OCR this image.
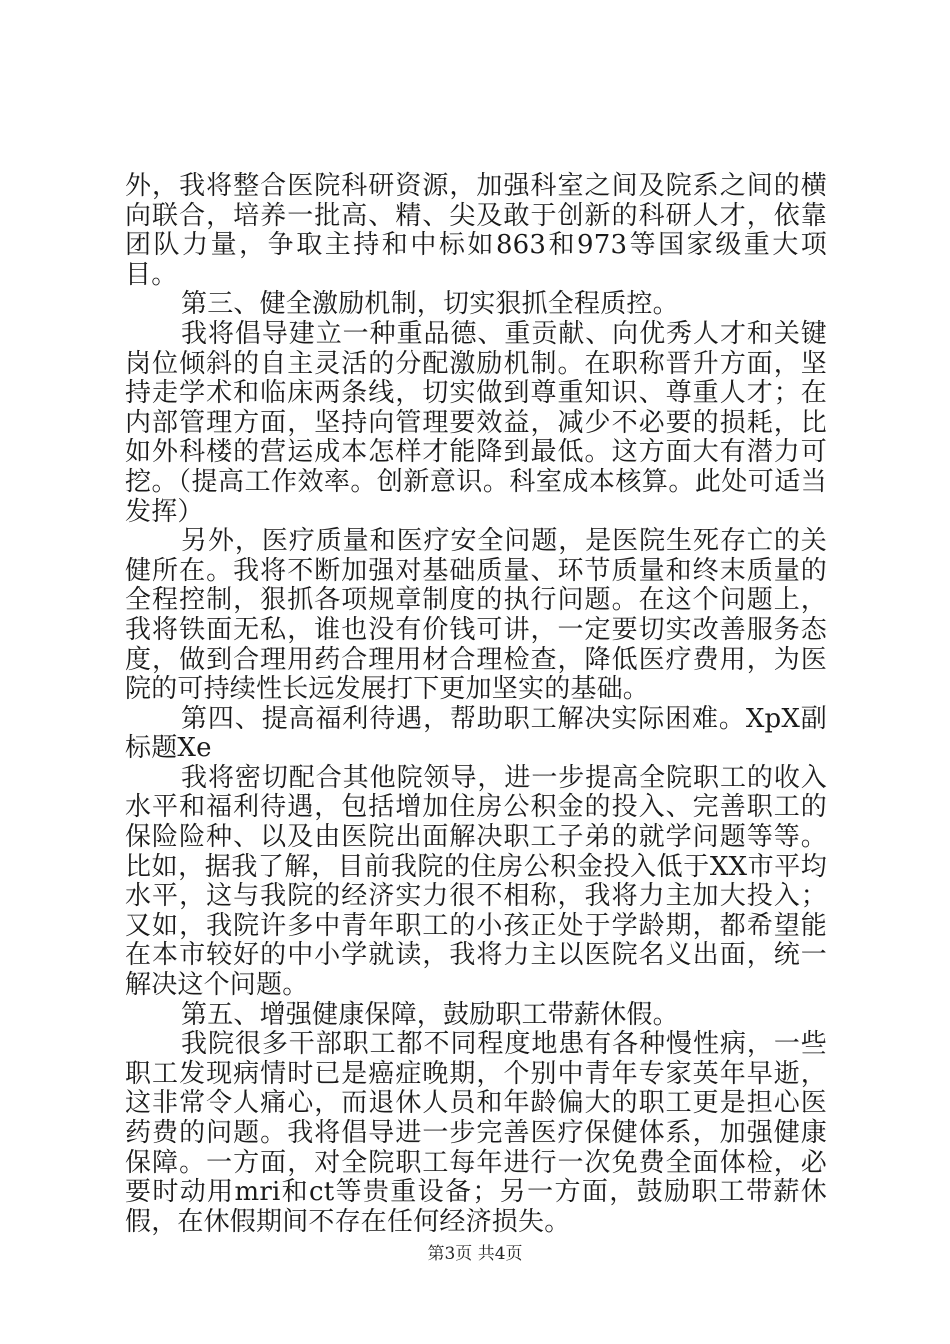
外，我将整合医院科研资源，加强科室之间及院系之间的横向联合，培养一批高、精、尖及敢于创新的科研人才，依靠团队力量，争取主持和中标如863和973等国家级重大项目。

第三、健全激励机制，切实狠抓全程质控。

我将倡导建立一种重品德、重贡献、向优秀人才和关键岗位倾斜的自主灵活的分配激励机制。在职称晋升方面，坚持走学术和临床两条线，切实做到尊重知识、尊重人才；在内部管理方面，坚持向管理要效益，减少不必要的损耗，比如外科楼的营运成本怎样才能降到最低。这方面大有潜力可挖。（提高工作效率。创新意识。科室成本核算。此处可适当发挥）

另外，医疗质量和医疗安全问题，是医院生死存亡的关健所在。我将不断加强对基础质量、环节质量和终末质量的全程控制，狠抓各项规章制度的执行问题。在这个问题上，我将铁面无私，谁也没有价钱可讲，一定要切实改善服务态度，做到合理用药合理用材合理检查，降低医疗费用，为医院的可持续性长远发展打下更加坚实的基础。

第四、提高福利待遇，帮助职工解决实际困难。XpX副标题Xe

我将密切配合其他院领导，进一步提高全院职工的收入水平和福利待遇，包括增加住房公积金的投入、完善职工的保险险种、以及由医院出面解决职工子弟的就学问题等等。比如，据我了解，目前我院的住房公积金投入低于XX市平均水平，这与我院的经济实力很不相称，我将力主加大投入；又如，我院许多中青年职工的小孩正处于学龄期，都希望能在本市较好的中小学就读，我将力主以医院名义出面，统一解决这个问题。

第五、增强健康保障，鼓励职工带薪休假。

我院很多干部职工都不同程度地患有各种慢性病，一些职工发现病情时已是癌症晚期，个别中青年专家英年早逝，这非常令人痛心，而退休人员和年龄偏大的职工更是担心医药费的问题。我将倡导进一步完善医疗保健体系，加强健康保障。一方面，对全院职工每年进行一次免费全面体检，必要时动用mri和ct等贵重设备；另一方面，鼓励职工带薪休假，在休假期间不存在任何经济损失。

第3页 共4页
